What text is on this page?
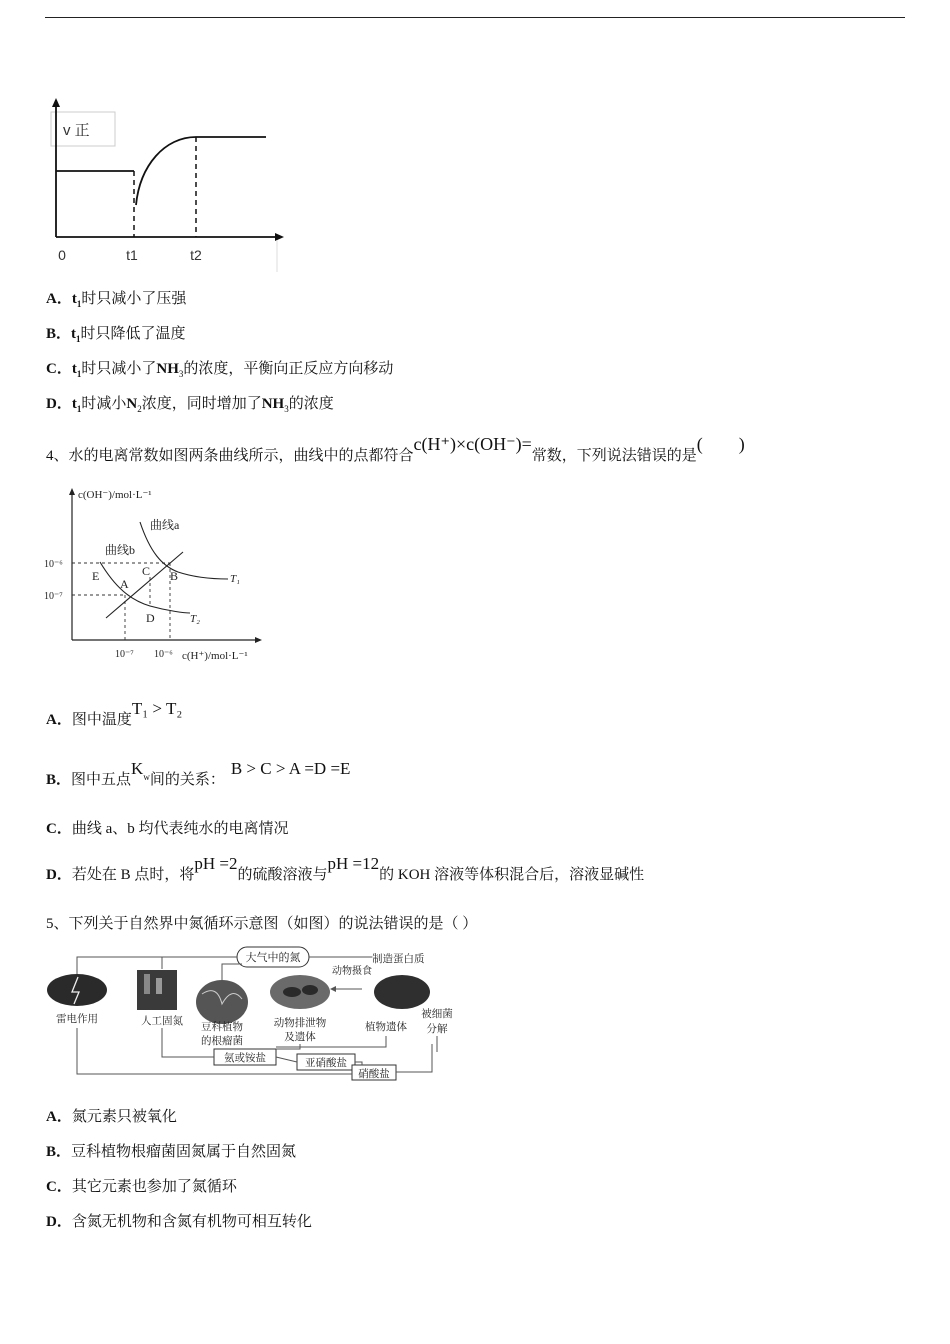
v 正
0	t1	t2
A．$t_1$时只减小了压强
B．$t_1$时只降低了温度
C．$t_1$时只减小了$NH_3$的浓度，平衡向正反应方向移动
D．$t_1$时减小$N_2$浓度，同时增加了$NH_3$的浓度
4、水的电离常数如图两条曲线所示，曲线中的点都符合c(H⁺)×c(OH⁻)=常数，下列说法错误的是(　　)
c(OH⁻)/mol·L⁻¹
c(H⁺)/mol·L⁻¹
曲线a
曲线b
T₁
T₂
10⁻⁶
10⁻⁷
10⁻⁷ 10⁻⁶
E
A
C B
D
A．图中温度T₁ > T₂
B．图中五点$K_w$间的关系：B > C > A =D =E
C．曲线 a、b 均代表纯水的电离情况
D．若处在 B 点时，将pH =2的硫酸溶液与pH =12的 KOH 溶液等体积混合后，溶液显碱性
5、下列关于自然界中氮循环示意图（如图）的说法错误的是（ ）
大气中的氮
动物摄食
制造蛋白质
雷电作用	人工固氮
豆科植物
的根瘤菌
动物排泄物
及遗体
植物遗体
被细菌
分解
氨或铵盐	亚硝酸盐
硝酸盐
A．氮元素只被氧化
B．豆科植物根瘤菌固氮属于自然固氮
C．其它元素也参加了氮循环
D．含氮无机物和含氮有机物可相互转化
